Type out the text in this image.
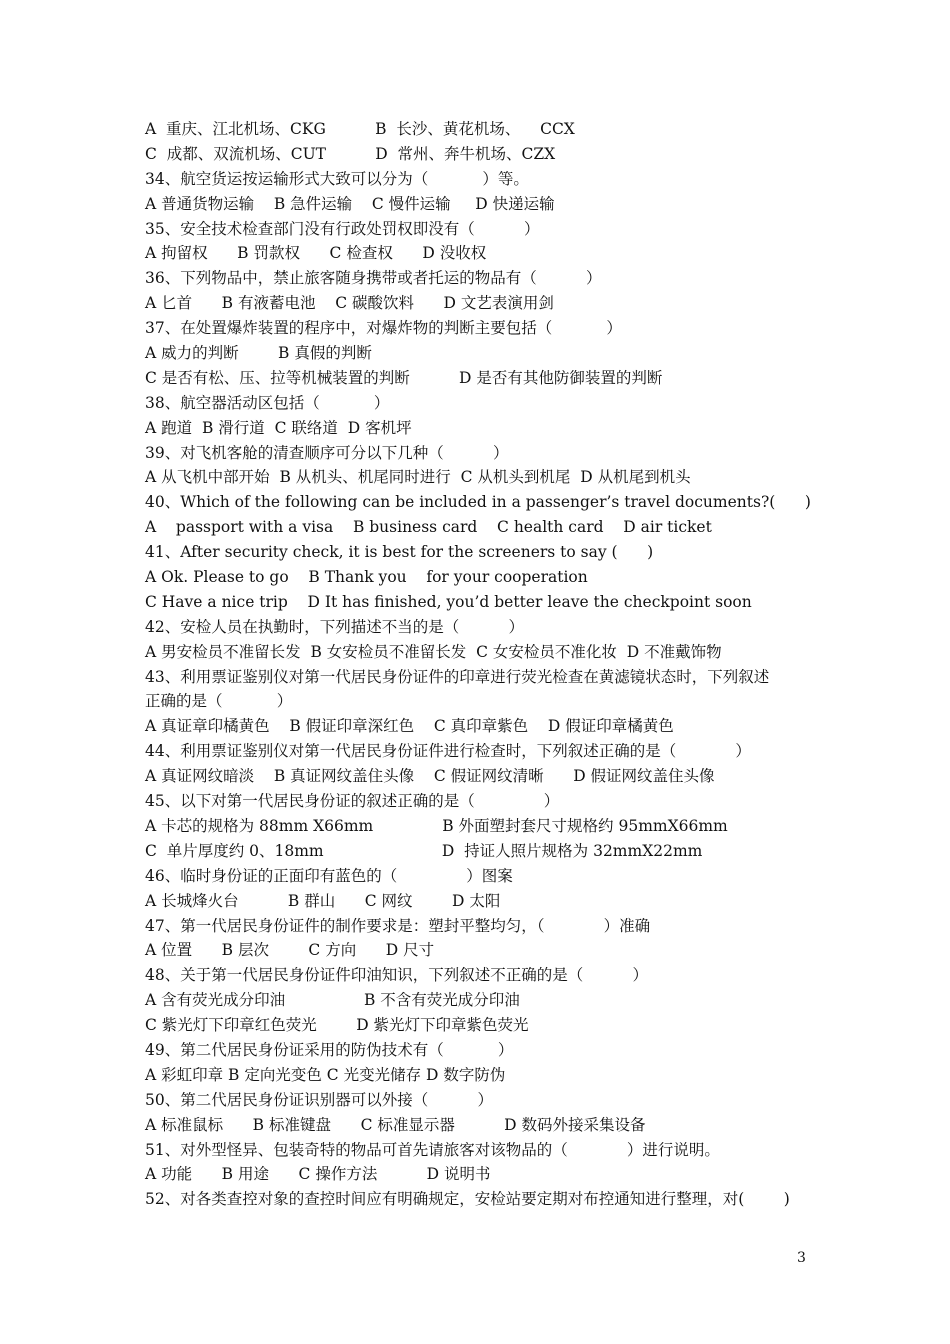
A  重庆、江北机场、CKG          B  长沙、黄花机场、    CCX
C  成都、双流机场、CUT          D  常州、奔牛机场、CZX
34、航空货运按运输形式大致可以分为（           ）等。
A 普通货物运输    B 急件运输    C 慢件运输     D 快递运输
35、安全技术检查部门没有行政处罚权即没有（          ）
A 拘留权      B 罚款权      C 检查权      D 没收权
36、下列物品中，禁止旅客随身携带或者托运的物品有（          ）
A 匕首      B 有液蓄电池    C 碳酸饮料      D 文艺表演用剑
37、在处置爆炸装置的程序中，对爆炸物的判断主要包括（           ）
A 威力的判断        B 真假的判断
C 是否有松、压、拉等机械装置的判断          D 是否有其他防御装置的判断
38、航空器活动区包括（           ）
A 跑道  B 滑行道  C 联络道  D 客机坪
39、对飞机客舱的清查顺序可分以下几种（          ）
A 从飞机中部开始  B 从机头、机尾同时进行  C 从机头到机尾  D 从机尾到机头
40、Which of the following can be included in a passenger’s travel documents?(      )
A    passport with a visa    B business card    C health card    D air ticket
41、After security check, it is best for the screeners to say (      )
A Ok. Please to go    B Thank you    for your cooperation
C Have a nice trip    D It has finished, you’d better leave the checkpoint soon
42、安检人员在执勤时，下列描述不当的是（          ）
A 男安检员不准留长发  B 女安检员不准留长发  C 女安检员不准化妆  D 不准戴饰物
43、利用票证鉴别仪对第一代居民身份证件的印章进行荧光检查在黄滤镜状态时，下列叙述
正确的是（           ）
A 真证章印橘黄色    B 假证印章深红色    C 真印章紫色    D 假证印章橘黄色
44、利用票证鉴别仪对第一代居民身份证件进行检查时，下列叙述正确的是（            ）
A 真证网纹暗淡    B 真证网纹盖住头像    C 假证网纹清晰      D 假证网纹盖住头像
45、以下对第一代居民身份证的叙述正确的是（              ）
A 卡芯的规格为 88mm X66mm              B 外面塑封套尺寸规格约 95mmX66mm
C  单片厚度约 0、18mm                        D  持证人照片规格为 32mmX22mm
46、临时身份证的正面印有蓝色的（              ）图案
A 长城烽火台          B 群山      C 网纹        D 太阳
47、第一代居民身份证件的制作要求是：塑封平整均匀，（            ）准确
A 位置      B 层次        C 方向      D 尺寸
48、关于第一代居民身份证件印油知识，下列叙述不正确的是（          ）
A 含有荧光成分印油                B 不含有荧光成分印油
C 紫光灯下印章红色荧光        D 紫光灯下印章紫色荧光
49、第二代居民身份证采用的防伪技术有（           ）
A 彩虹印章 B 定向光变色 C 光变光储存 D 数字防伪
50、第二代居民身份证识别器可以外接（          ）
A 标准鼠标      B 标准键盘      C 标准显示器          D 数码外接采集设备
51、对外型怪异、包装奇特的物品可首先请旅客对该物品的（            ）进行说明。
A 功能      B 用途      C 操作方法          D 说明书
52、对各类查控对象的查控时间应有明确规定，安检站要定期对布控通知进行整理，对(        )
3
